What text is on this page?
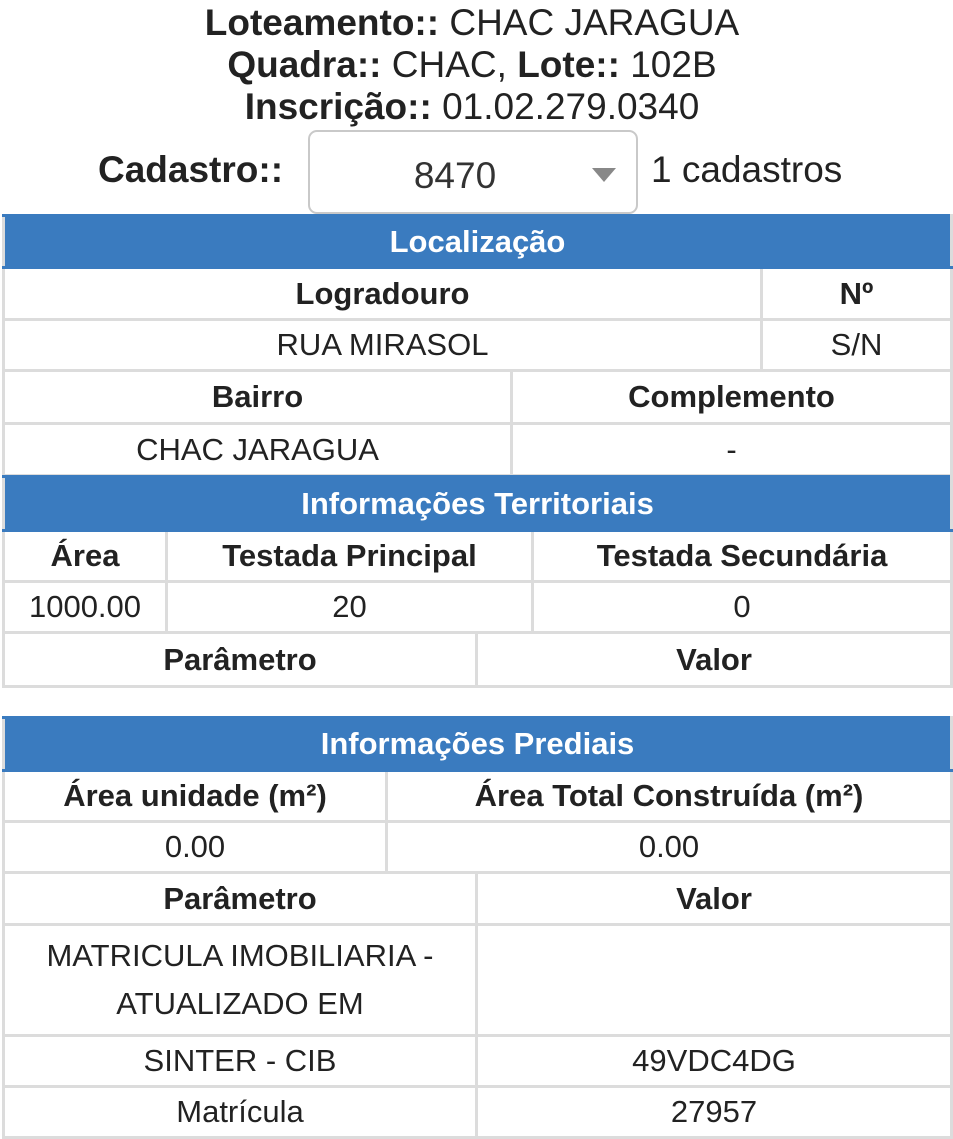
Loteamento:: CHAC JARAGUA
Quadra:: CHAC, Lote:: 102B
Inscrição:: 01.02.279.0340
Cadastro::	8470	1 cadastros
Localização		
Logradouro		Nº
RUA MIRASOL		S/N
Bairro	Complemento	
CHAC JARAGUA	-	
Informações Territoriais			
Área	Testada Principal		Testada Secundária
1000.00	20		0
Parâmetro		Valor	
Informações Prediais		
Área unidade (m²)	Área Total Construída (m²)	
0.00	0.00	
Parâmetro		Valor
MATRICULA IMOBILIARIA - ATUALIZADO EM		
SINTER - CIB		49VDC4DG
Matrícula		27957
